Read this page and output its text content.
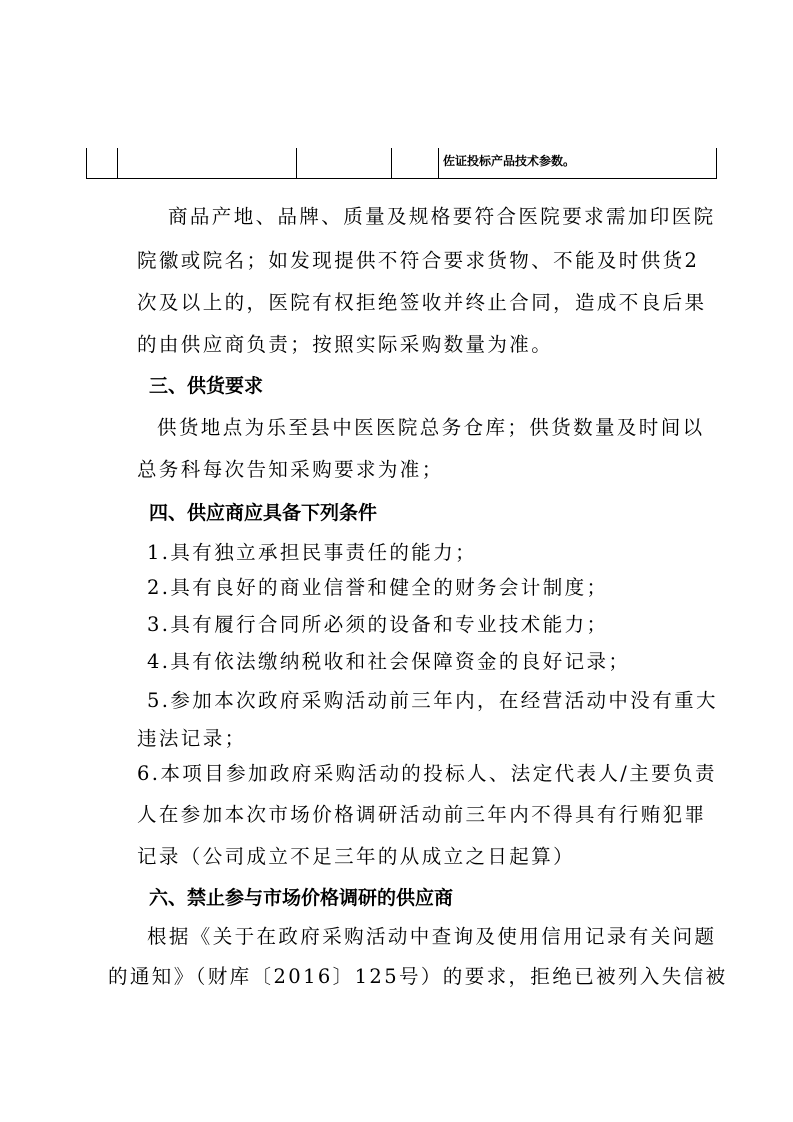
佐证投标产品技术参数。
商品产地、品牌、质量及规格要符合医院要求需加印医院
院徽或院名；如发现提供不符合要求货物、不能及时供货2
次及以上的，医院有权拒绝签收并终止合同，造成不良后果
的由供应商负责；按照实际采购数量为准。
三、供货要求
供货地点为乐至县中医医院总务仓库；供货数量及时间以
总务科每次告知采购要求为准；
四、供应商应具备下列条件
1.具有独立承担民事责任的能力；
2.具有良好的商业信誉和健全的财务会计制度；
3.具有履行合同所必须的设备和专业技术能力；
4.具有依法缴纳税收和社会保障资金的良好记录；
5.参加本次政府采购活动前三年内，在经营活动中没有重大
违法记录；
6.本项目参加政府采购活动的投标人、法定代表人/主要负责
人在参加本次市场价格调研活动前三年内不得具有行贿犯罪
记录（公司成立不足三年的从成立之日起算）
六、禁止参与市场价格调研的供应商
根据《关于在政府采购活动中查询及使用信用记录有关问题
的通知》（财库〔2016〕125号）的要求，拒绝已被列入失信被
